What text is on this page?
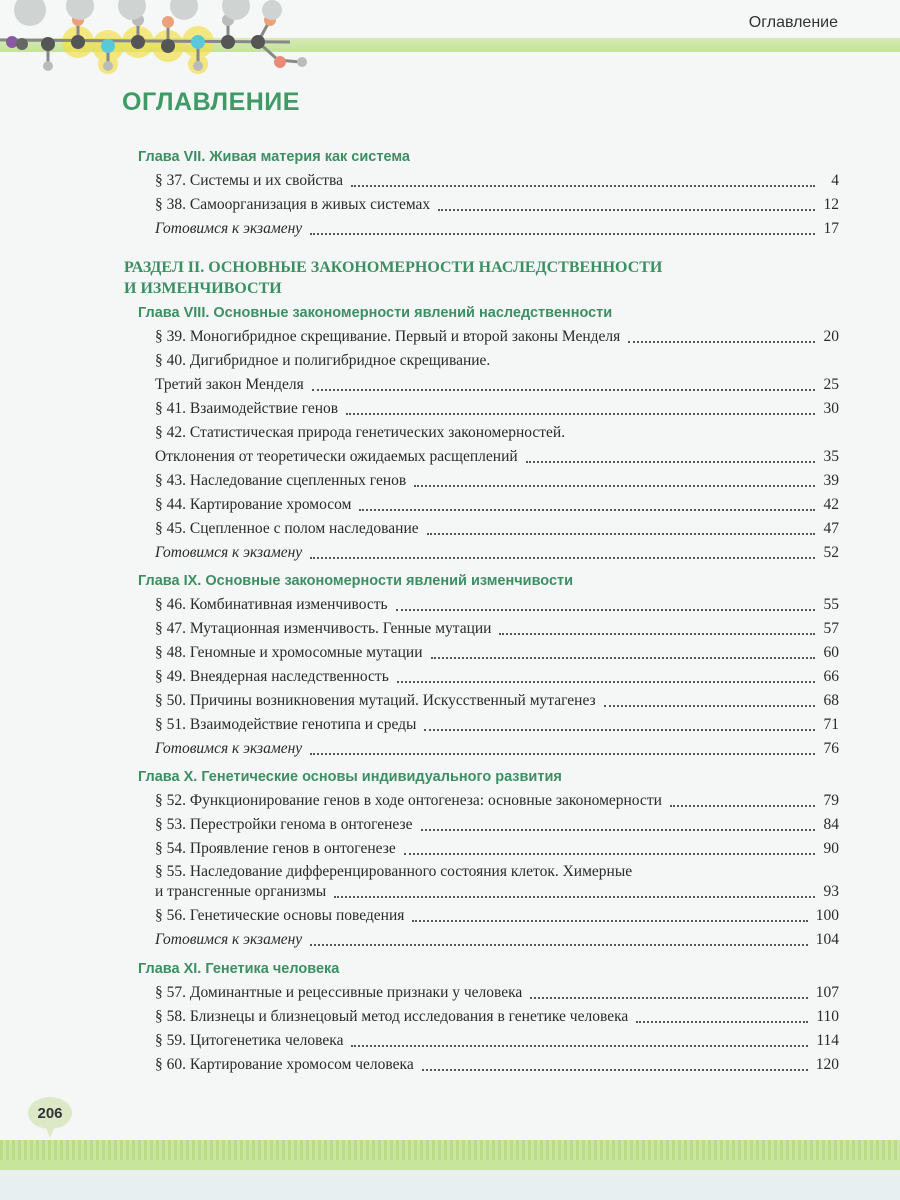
Оглавление
ОГЛАВЛЕНИЕ
Глава VII. Живая материя как система
§ 37. Системы и их свойства	4
§ 38. Самоорганизация в живых системах	12
Готовимся к экзамену	17
РАЗДЕЛ II. ОСНОВНЫЕ ЗАКОНОМЕРНОСТИ НАСЛЕДСТВЕННОСТИ
И ИЗМЕНЧИВОСТИ
Глава VIII. Основные закономерности явлений наследственности
§ 39. Моногибридное скрещивание. Первый и второй законы Менделя	20
§ 40. Дигибридное и полигибридное скрещивание.
Третий закон Менделя	25
§ 41. Взаимодействие генов	30
§ 42. Статистическая природа генетических закономерностей.
Отклонения от теоретически ожидаемых расщеплений	35
§ 43. Наследование сцепленных генов	39
§ 44. Картирование хромосом	42
§ 45. Сцепленное с полом наследование	47
Готовимся к экзамену	52
Глава IX. Основные закономерности явлений изменчивости
§ 46. Комбинативная изменчивость	55
§ 47. Мутационная изменчивость. Генные мутации	57
§ 48. Геномные и хромосомные мутации	60
§ 49. Внеядерная наследственность	66
§ 50. Причины возникновения мутаций. Искусственный мутагенез	68
§ 51. Взаимодействие генотипа и среды	71
Готовимся к экзамену	76
Глава X. Генетические основы индивидуального развития
§ 52. Функционирование генов в ходе онтогенеза: основные закономерности	79
§ 53. Перестройки генома в онтогенезе	84
§ 54. Проявление генов в онтогенезе	90
§ 55. Наследование дифференцированного состояния клеток. Химерные
и трансгенные организмы	93
§ 56. Генетические основы поведения	100
Готовимся к экзамену	104
Глава XI. Генетика человека
§ 57. Доминантные и рецессивные признаки у человека	107
§ 58. Близнецы и близнецовый метод исследования в генетике человека	110
§ 59. Цитогенетика человека	114
§ 60. Картирование хромосом человека	120
206
